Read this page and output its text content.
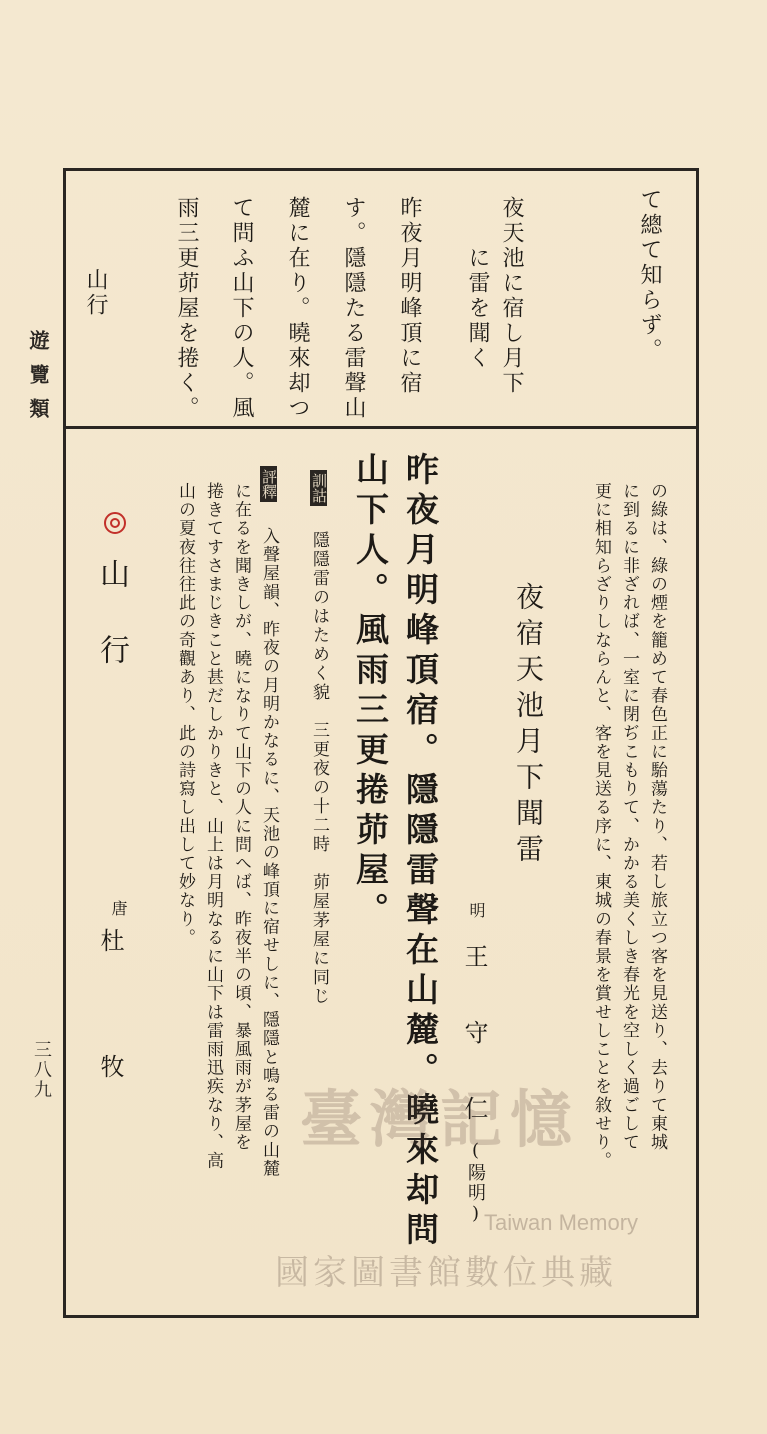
遊覽類
三八九
て總て知らず。
夜天池に宿し月下
に雷を聞く
昨夜月明峰頂に宿
す。隱隱たる雷聲山
麓に在り。曉來却つ
て問ふ山下の人。風
雨三更茆屋を捲く。
山行
の綠は、綠の煙を籠めて春色正に駘蕩たり、若し旅立つ客を見送り、去りて東城
に到るに非ざれば、一室に閉ぢこもりて、かかる美くしき春光を空しく過ごして
更に相知らざりしならんと、客を見送る序に、東城の春景を賞せしことを敘せり。
夜宿天池月下聞雷
明
王　守　仁
(陽明)
昨夜月明峰頂宿。隱隱雷聲在山麓。曉來却問
山下人。風雨三更捲茆屋。
訓詁 隱隱雷のはためく貌　三更夜の十二時　茆屋茅屋に同じ
評釋 入聲屋韻、昨夜の月明かなるに、天池の峰頂に宿せしに、隱隱と鳴る雷の山麓
に在るを聞きしが、曉になりて山下の人に問へば、昨夜半の頃、暴風雨が茅屋を
捲きてすさまじきこと甚だしかりきと、山上は月明なるに山下は雷雨迅疾なり、高
山の夏夜往往此の奇觀あり、此の詩寫し出して妙なり。
山　行
唐
杜　　牧
臺灣記憶
Taiwan Memory
國家圖書館數位典藏
